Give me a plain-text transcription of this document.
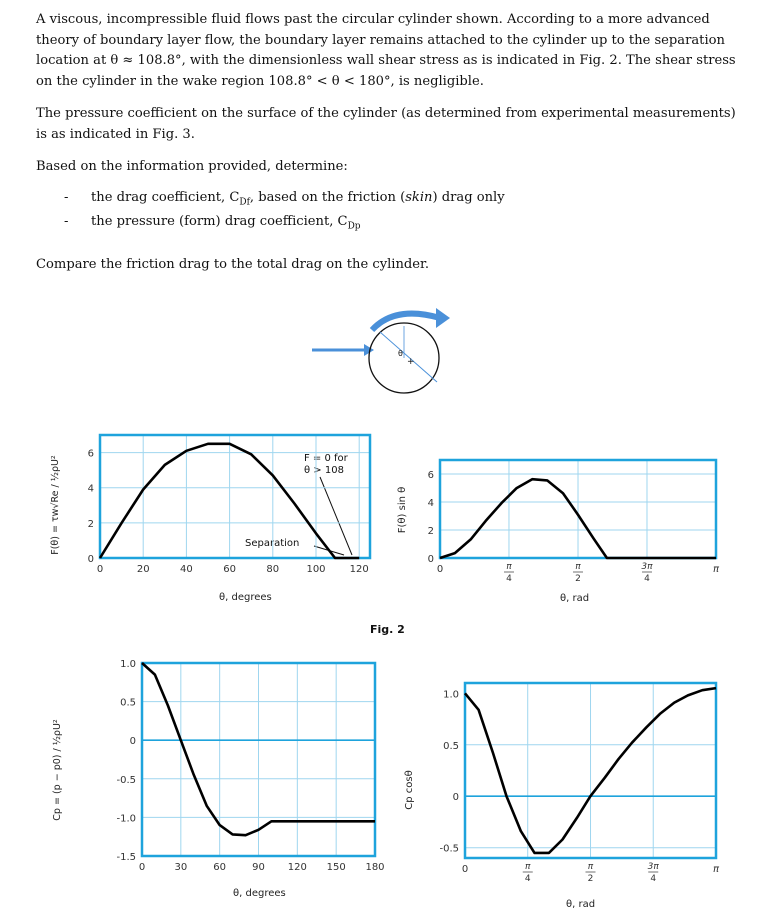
A viscous, incompressible fluid flows past the circular cylinder shown. According to a more advanced theory of boundary layer flow, the boundary layer remains attached to the cylinder up to the separation location at θ ≈ 108.8°, with the dimensionless wall shear stress as is indicated in Fig. 2. The shear stress on the cylinder in the wake region 108.8° < θ < 180°, is negligible.

The pressure coefficient on the surface of the cylinder (as determined from experimental measurements) is as indicated in Fig. 3.

Based on the information provided, determine:

- the drag coefficient, $C_{Df}$, based on the friction (skin) drag only
- the pressure (form) drag coefficient, $C_{Dp}$

Compare the friction drag to the total drag on the cylinder.

θ
+
F = 0 for
θ > 108
Separation
Fig. 2
θ, degrees	θ, rad
θ, degrees
θ, rad
F(θ) = τw√Re / ½ρU²	F(θ) sin θ
Cp = (p − p0) / ½ρU²	Cp cosθ
0	20	40	60	80	100 120
0
2
4
6
0	π
4
π
2
3π
4
π
0
2
4
6
0	30	60	90 120 150 180
1.0
0.5
0
-0.5
-1.0
-1.5
0	π
4
π
2
3π
4
π
1.0
0.5
0
-0.5
